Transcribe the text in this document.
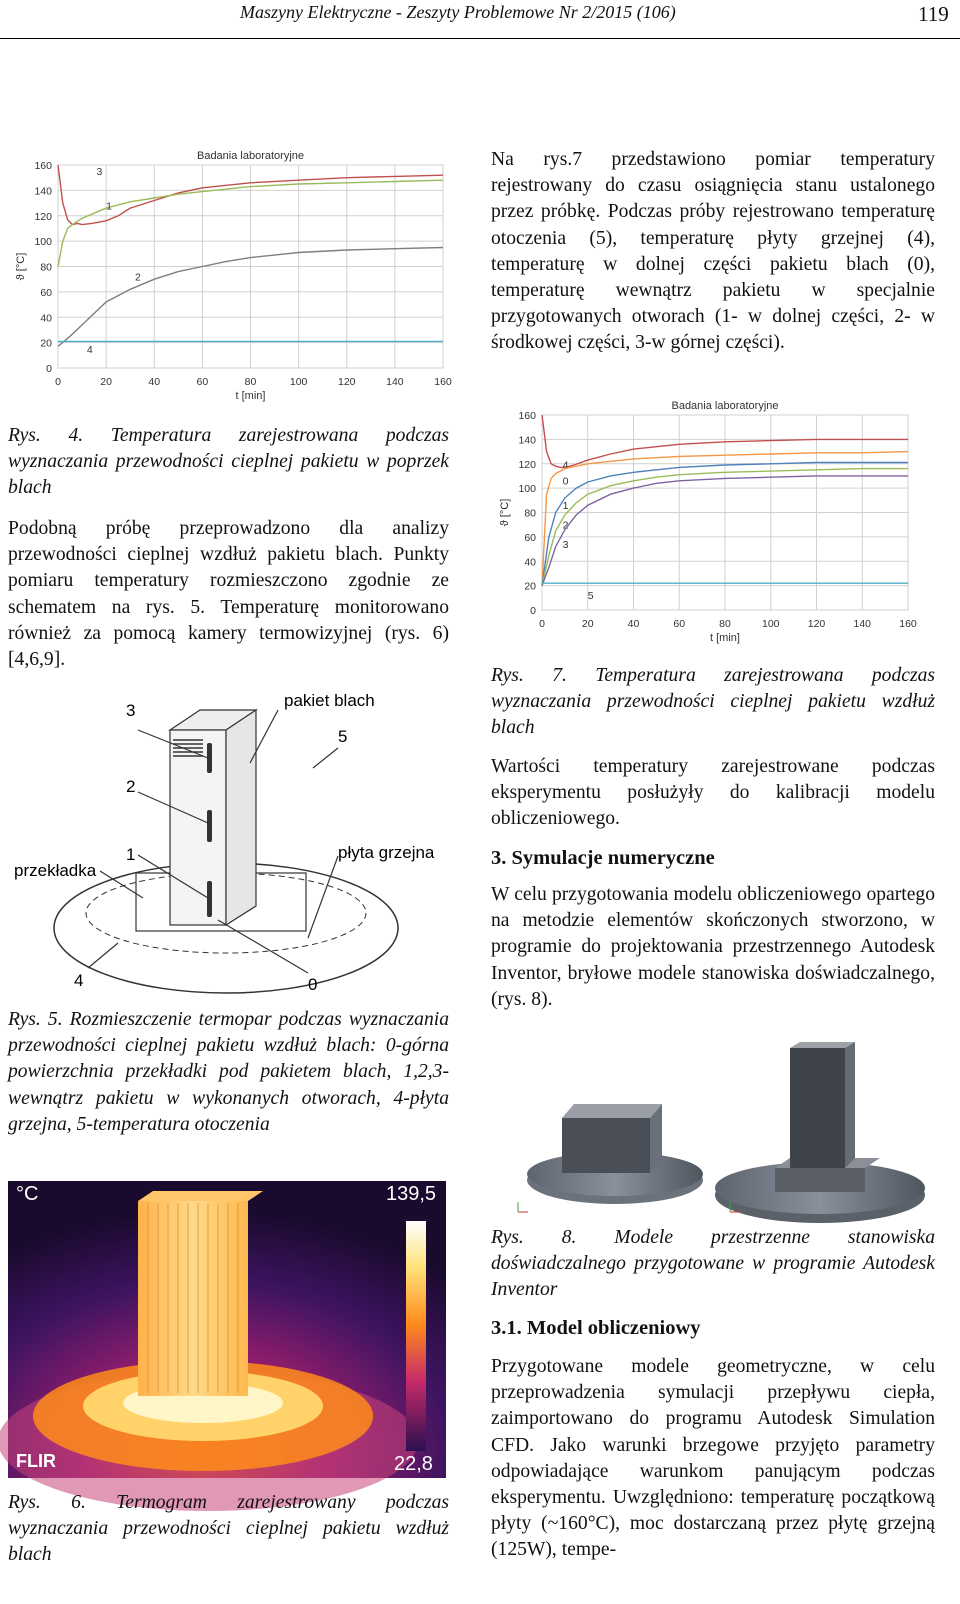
Maszyny Elektryczne - Zeszyty Problemowe Nr 2/2015 (106)	119
0
20
40
60
80
100
120
140
160
0	20	40	60	80	100	120	140	160
Badania laboratoryjne
t [min]
ϑ [°C]
3
1
2
4
Rys. 4. Temperatura zarejestrowana podczas wyznaczania przewodności cieplnej pakietu w poprzek blach
Podobną próbę przeprowadzono dla analizy przewodności cieplnej wzdłuż pakietu blach. Punkty pomiaru temperatury rozmieszczono zgodnie ze schematem na rys. 5. Temperaturę monitorowano również za pomocą kamery termowizyjnej (rys. 6) [4,6,9].
3
2
1
4	0
5
pakiet blach
przekładka
płyta grzejna
Rys. 5. Rozmieszczenie termopar podczas wyznaczania przewodności cieplnej pakietu wzdłuż blach: 0-górna powierzchnia przekładki pod pakietem blach, 1,2,3-wewnątrz pakietu w wykonanych otworach, 4-płyta grzejna, 5-temperatura otoczenia
°C	139,5
22,8
FLIR
Rys. 6. Termogram zarejestrowany podczas wyznaczania przewodności cieplnej pakietu wzdłuż blach
Na rys.7 przedstawiono pomiar temperatury rejestrowany do czasu osiągnięcia stanu ustalonego przez próbkę. Podczas próby rejestrowano temperaturę otoczenia (5), temperaturę płyty grzejnej (4), temperaturę w dolnej części pakietu blach (0), temperaturę wewnątrz pakietu w specjalnie przygotowanych otworach (1- w dolnej części, 2- w środkowej części, 3-w górnej części).
0
20
40
60
80
100
120
140
160
0	20	40	60	80	100	120	140	160
Badania laboratoryjne
t [min]
ϑ [°C]
4
0
1
2
3
5
Rys. 7. Temperatura zarejestrowana podczas wyznaczania przewodności cieplnej pakietu wzdłuż blach
Wartości temperatury zarejestrowane podczas eksperymentu posłużyły do kalibracji modelu obliczeniowego.
3. Symulacje numeryczne
W celu przygotowania modelu obliczeniowego opartego na metodzie elementów skończonych stworzono, w programie do projektowania przestrzennego Autodesk Inventor, bryłowe modele stanowiska doświadczalnego, (rys. 8).
Rys. 8. Modele przestrzenne stanowiska doświadczalnego przygotowane w programie Autodesk Inventor
3.1. Model obliczeniowy
Przygotowane modele geometryczne, w celu przeprowadzenia symulacji przepływu ciepła, zaimportowano do programu Autodesk Simulation CFD. Jako warunki brzegowe przyjęto parametry odpowiadające warunkom panującym podczas eksperymentu. Uwzględniono: temperaturę początkową płyty (~160°C), moc dostarczaną przez płytę grzejną (125W), tempe-
